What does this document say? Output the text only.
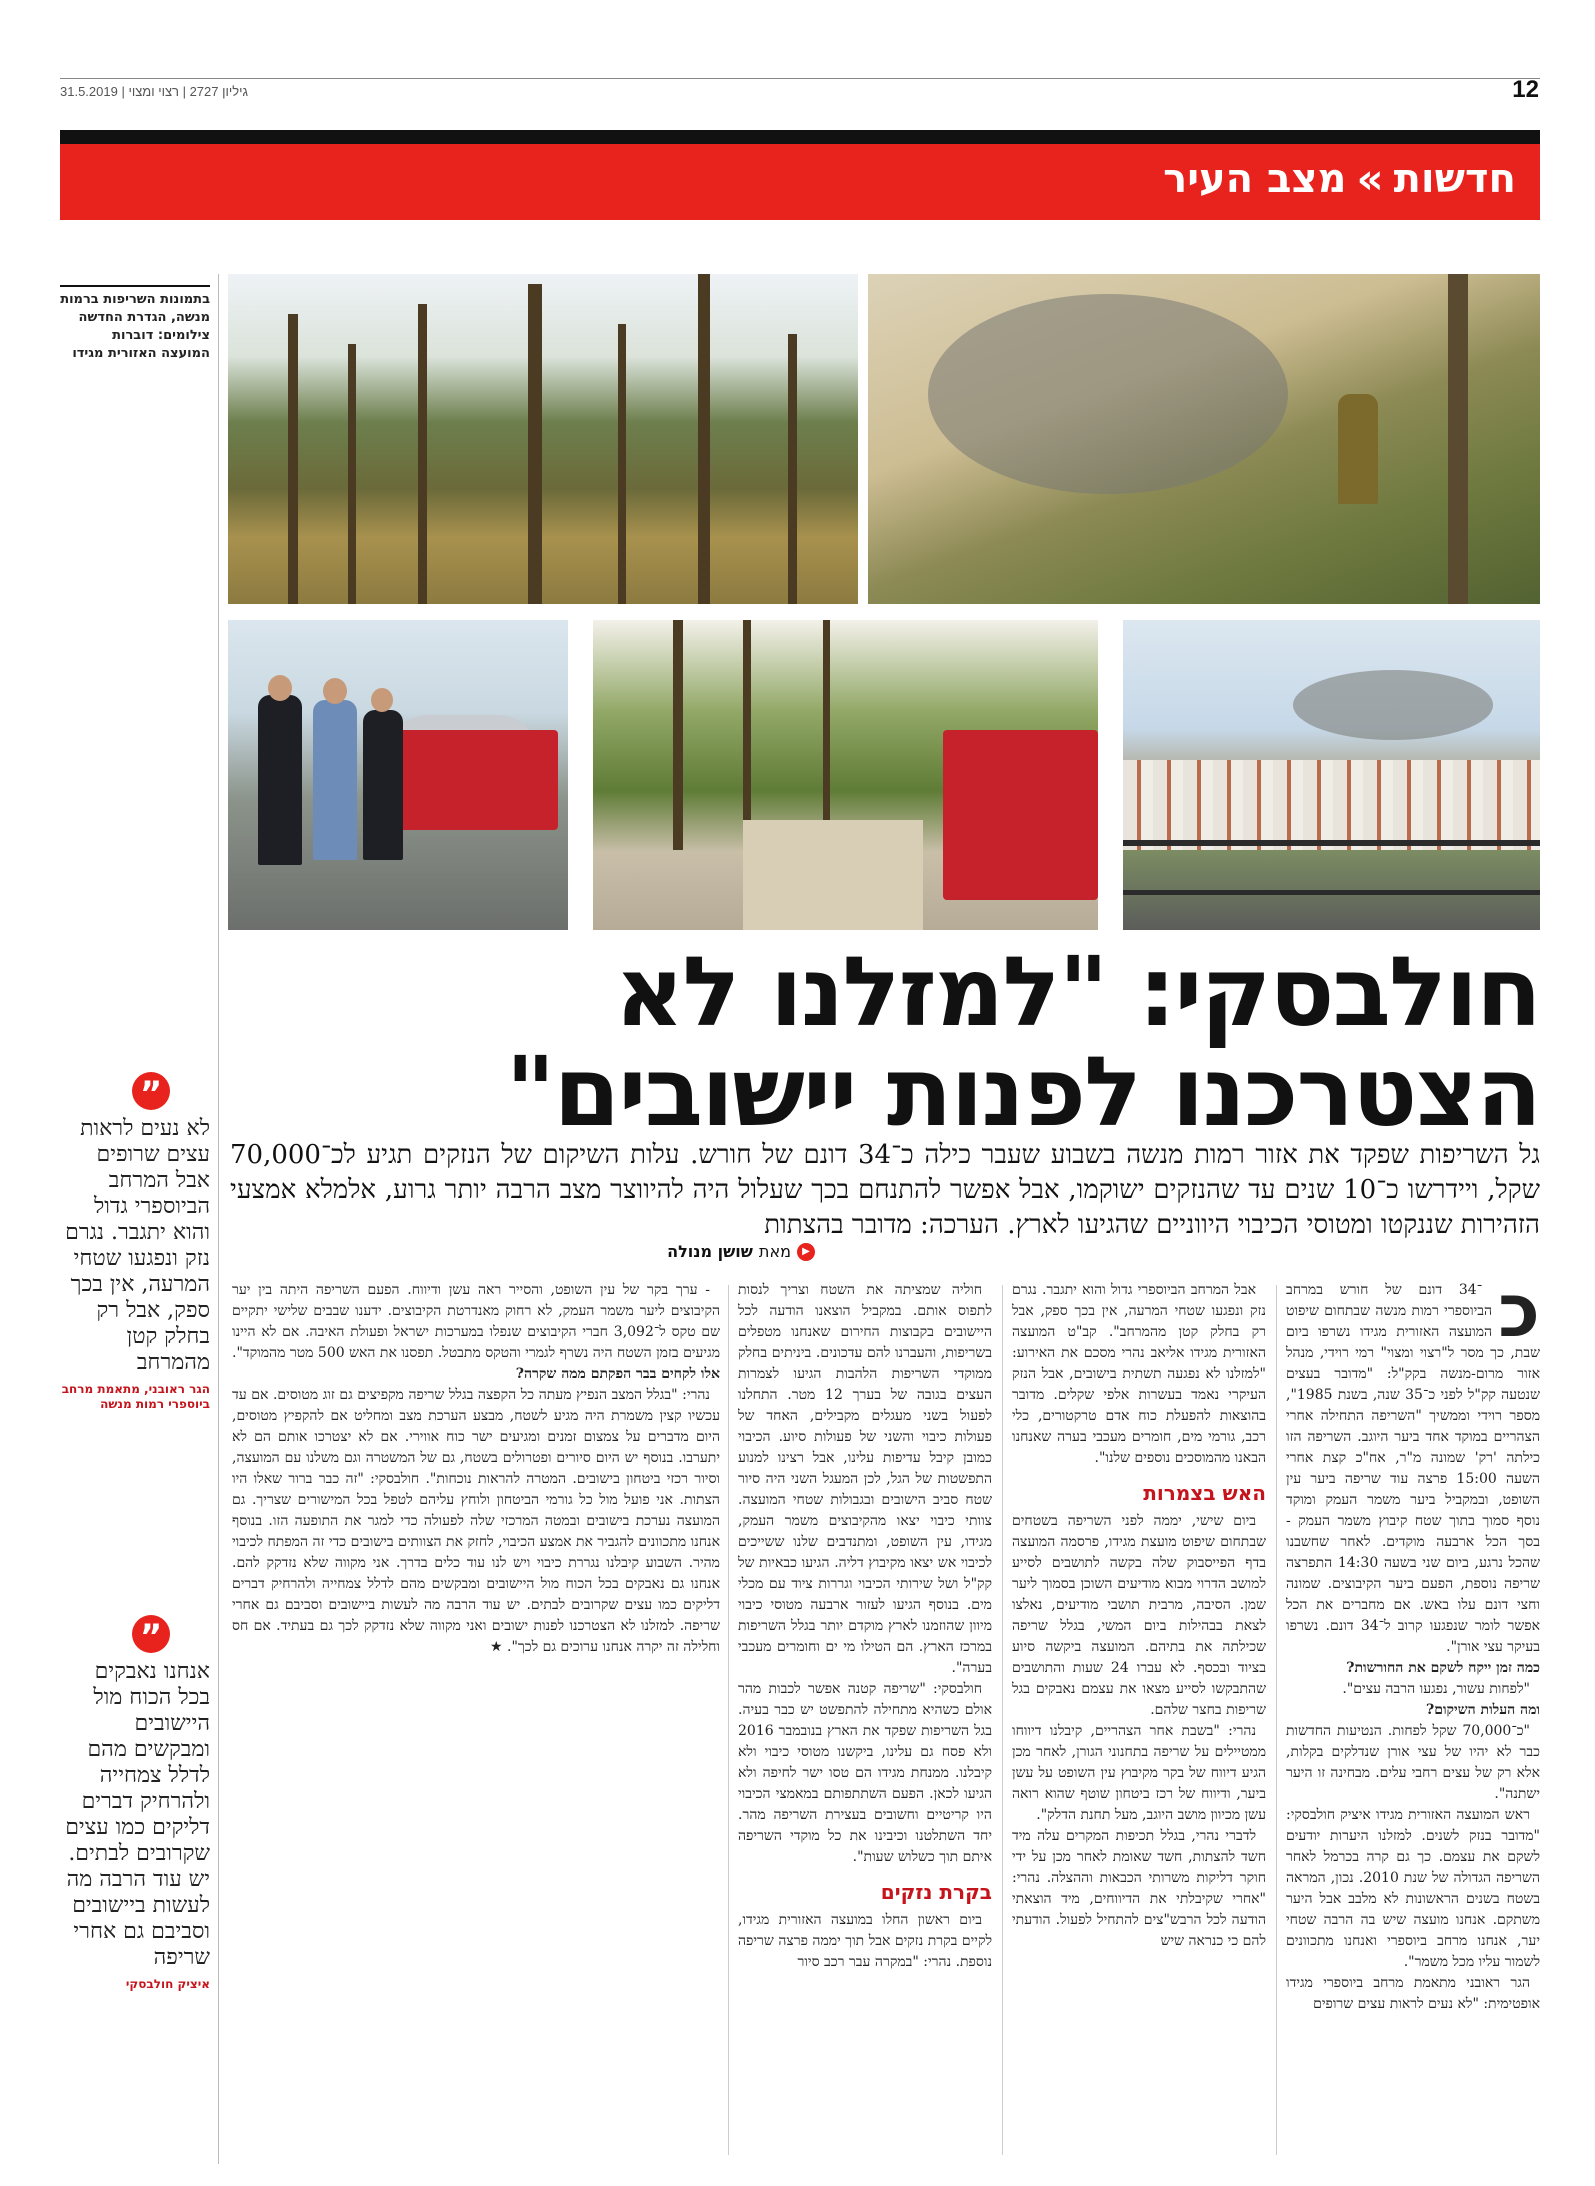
31.5.2019 | גיליון 2727 | רצוי ומצוי	12
חדשות
»
מצב העיר
בתמונות השריפות ברמות מנשה, הגדרת החדשה צילומים: דוברות המועצה האזורית מגידו
חולבסקי: "למזלנו לא הצטרכנו לפנות יישובים"
גל השריפות שפקד את אזור רמות מנשה בשבוע שעבר כילה כ־34 דונם של חורש. עלות השיקום של הנזקים תגיע לכ־70,000 שקל, ויידרשו כ־10 שנים עד שהנזקים ישוקמו, אבל אפשר להתנחם בכך שעלול היה להיווצר מצב הרבה יותר גרוע, אלמלא אמצעי הזהירות שננקטו ומטוסי הכיבוי היווניים שהגיעו לארץ. הערכה: מדובר בהצתות
▶
מאת
שושן מנולה
”
לא נעים לראות עצים שרופים אבל המרחב הביוספרי גדול והוא יתגבר. נגרם נזק ונפגעו שטחי המרעה, אין בכך ספק, אבל רק בחלק קטן מהמרחב
הגר ראובני, מתאמת מרחב ביוספרי רמות מנשה
”
אנחנו נאבקים בכל הכוח מול היישובים ומבקשים מהם לדלל צמחייה ולהרחיק דברים דליקים כמו עצים שקרובים לבתים. יש עוד הרבה מה לעשות ביישובים וסביבם גם אחרי שריפה
איציק חולבסקי
כ

־34 דונם של חורש במרחב הביוספרי רמות מנשה שבתחום שיפוט המועצה האזורית מגידו נשרפו ביום שבת, כך מסר ל"רצוי ומצוי" רמי רוידי, מנהל אזור מרום-מנשה בקק"ל: "מדובר בעצים שנטעה קק"ל לפני כ־35 שנה, בשנת 1985", מספר רוידי וממשיך "השריפה התחילה אחרי הצהריים במוקד אחד ביער היוגב. השריפה הזו כילתה 'רק' שמונה מ"ר, אח"כ קצת אחרי השעה 15:00 פרצה עוד שריפה ביער עין השופט, ובמקביל ביער משמר העמק ומוקד נוסף סמוך בתוך שטח קיבוץ משמר העמק - בסך הכל ארבעה מוקדים. לאחר שחשבנו שהכל נרגע, ביום שני בשעה 14:30 התפרצה שריפה נוספת, הפעם ביער הקיבוצים. שמונה וחצי דונם עלו באש. אם מחברים את הכל אפשר לומר שנפגעו קרוב ל־34 דונם. נשרפו בעיקר עצי אורן".

כמה זמן ייקח לשקם את החורשות?

"לפחות עשור, נפגעו הרבה עצים".

ומה העלות השיקום?

"כ־70,000 שקל לפחות. הנטיעות החדשות כבר לא יהיו של עצי אורן שנדלקים בקלות, אלא רק של עצים רחבי עלים. מבחינה זו היער ישתנה".

ראש המועצה האזורית מגידו איציק חולבסקי: "מדובר בנזק לשנים. למזלנו היערות יודעים לשקם את עצמם. כך גם קרה בכרמל לאחר השריפה הגדולה של שנת 2010. נכון, המראה בשטח בשנים הראשונות לא מלבב אבל היער משתקם. אנחנו מועצה שיש בה הרבה שטחי יער, אנחנו מרחב ביוספרי ואנחנו מתכוונים לשמור עליו מכל משמר".

הגר ראובני מתאמת מרחב ביוספרי מגידו אופטימית: "לא נעים לראות עצים שרופים

אבל המרחב הביוספרי גדול והוא יתגבר. נגרם נזק ונפגעו שטחי המרעה, אין בכך ספק, אבל רק בחלק קטן מהמרחב". קב"ט המועצה האזורית מגידו אליאב נהרי מסכם את האירוע: "למזלנו לא נפגעה תשתית בישובים, אבל הנזק העיקרי נאמד בעשרות אלפי שקלים. מדובר בהוצאות להפעלת כוח אדם טרקטורים, כלי רכב, גורמי מים, חומרים מעכבי בערה שאנחנו הבאנו מהמוסכים נוספים שלנו".

האש בצמרות

ביום שישי, יממה לפני השריפה בשטחים שבתחום שיפוט מועצת מגידו, פרסמה המועצה בדף הפייסבוק שלה בקשה לתושבים לסייע למושב הדרוי מבוא מודיעים השוכן בסמוך ליער שמן. הסיבה, מרבית תושבי מודיעים, נאלצו לצאת בבהילות ביום המשי, בגלל שריפה שכילתה את בתיהם. המועצה ביקשה סיוע בציוד ובכסף. לא עברו 24 שעות והתושבים שהתבקשו לסייע מצאו את עצמם נאבקים בגל שריפות בחצר שלהם.

נהרי: "בשבת אחר הצהריים, קיבלנו דיווחו ממטיילים על שריפה בתחנוני הגורן, לאחר מכן הגיע דיווח של בקר מקיבוץ עין השופט על עשן ביער, ודיווח של רכז ביטחון שוטף שהוא רואה עשן מכיוון מושב היוגב, מעל תחנת הדלק".

לדברי נהרי, בגלל תכיפות המקרים עלה מיד חשד להצתות, חשד שאומת לאחר מכן על ידי חוקר דליקות משרותי הכבאות וההצלה. נהרי: "אחרי שקיבלתי את הדיווחים, מיד הוצאתי הודעה לכל הרבש"צים להתחיל לפעול. הודעתי להם כי כנראה שיש

חוליה שמציתה את השטח וצריך לנסות לתפוס אותם. במקביל הוצאנו הודעה לכל היישובים בקבוצות החירום שאנחנו מטפלים בשריפות, והעברנו להם עדכונים. ביניתים בחלק ממוקדי השריפות הלהבות הגיעו לצמרות העצים בגובה של בערך 12 מטר. התחלנו לפעול בשני מעגלים מקבילים, האחד של פעולות כיבוי והשני של פעולות סיוע. הכיבוי כמובן קיבל עדיפות עלינו, אבל רצינו למנוע התפשטות של הגל, לכן המעגל השני היה סיור שטח סביב הישובים ובגבולות שטחי המועצה. צוותי כיבוי יצאו מהקיבוצים משמר העמק, מגידו, עין השופט, ומתנדבים שלנו ששייכים לכיבוי אש יצאו מקיבוץ דליה. הגיעו כבאיות של קק"ל ושל שירותי הכיבוי וגררות ציוד עם מכלי מים. בנוסף הגיעו לעזור ארבעה מטוסי כיבוי מיוון שהוזמנו לארץ מוקדם יותר בגלל השריפות במרכז הארץ. הם הטילו מי ים וחומרים מעכבי בערה".

חולבסקי: "שריפה קטנה אפשר לכבות מהר אולם כשהיא מתחילה להתפשט יש כבר בעיה. בגל השריפות שפקד את הארץ בנובמבר 2016 ולא פסח גם עלינו, ביקשנו מטוסי כיבוי ולא קיבלנו. ממנחת מגידו הם טסו ישר לחיפה ולא הגיעו לכאן. הפעם השתתפותם במאמצי הכיבוי היו קריטיים וחשובים בעצירת השריפה מהר. יחד השתלטנו וכיבינו את כל מוקדי השריפה איתם תוך כשלוש שעות".

בקרת נזקים

ביום ראשון החלו במועצה האזורית מגידו, לקיים בקרת נזקים אבל תוך יממה פרצה שריפה נוספת. נהרי: "במקרה עבר רכב סיור

- ערך בקר של עין השופט, והסייר ראה עשן ודיווח. הפעם השריפה היתה בין יער הקיבוצים ליער משמר העמק, לא רחוק מאנדרטת הקיבוצים. ידענו שבבים שלישי יתקיים שם טקס ל־3,092 חברי הקיבוצים שנפלו במערכות ישראל ופעולת האיבה. אם לא היינו מגיעים בזמן השטח היה נשרף לגמרי והטקס מתבטל. תפסנו את האש 500 מטר מהמוקד".

אלו לקחים בבר הפקתם ממה שקרה?

נהרי: "בגלל המצב הנפיץ מעתה כל הקפצה בגלל שריפה מקפיצים גם זוג מטוסים. אם עד עכשיו קצין משמרת היה מגיע לשטח, מבצע הערכת מצב ומחליט אם להקפיץ מטוסים, היום מדברים על צמצום זמנים ומגיעים ישר כוח אווירי. אם לא יצטרכו אותם הם לא יתערבו. בנוסף יש היום סיורים ופטרולים בשטח, גם של המשטרה וגם משלנו עם המועצה, וסיור רכזי ביטחון בישובים. המטרה להראות נוכחות". חולבסקי: "זה כבר ברור שאלו היו הצתות. אני פועל מול כל גורמי הביטחון ולוחץ עליהם לטפל בכל המישורים שצריך. גם המועצה נערכת בישובים ובמטה המרכזי שלה לפעולה כדי למגר את התופעה הזו. בנוסף אנחנו מתכוונים להגביר את אמצע הכיבוי, לחזק את הצוותים בישובים כדי זה המפתח לכיבוי מהיר. השבוע קיבלנו נגררת כיבוי ויש לנו עוד כלים בדרך. אני מקווה שלא נזדקק להם. אנחנו גם נאבקים בכל הכוח מול היישובים ומבקשים מהם לדלל צמחייה ולהרחיק דברים דליקים כמו עצים שקרובים לבתים. יש עוד הרבה מה לעשות ביישובים וסביבם גם אחרי שריפה. למזלנו לא הצטרכנו לפנות ישובים ואני מקווה שלא נזדקק לכך גם בעתיד. אם חס וחלילה זה יקרה אנחנו ערוכים גם לכך". ★
